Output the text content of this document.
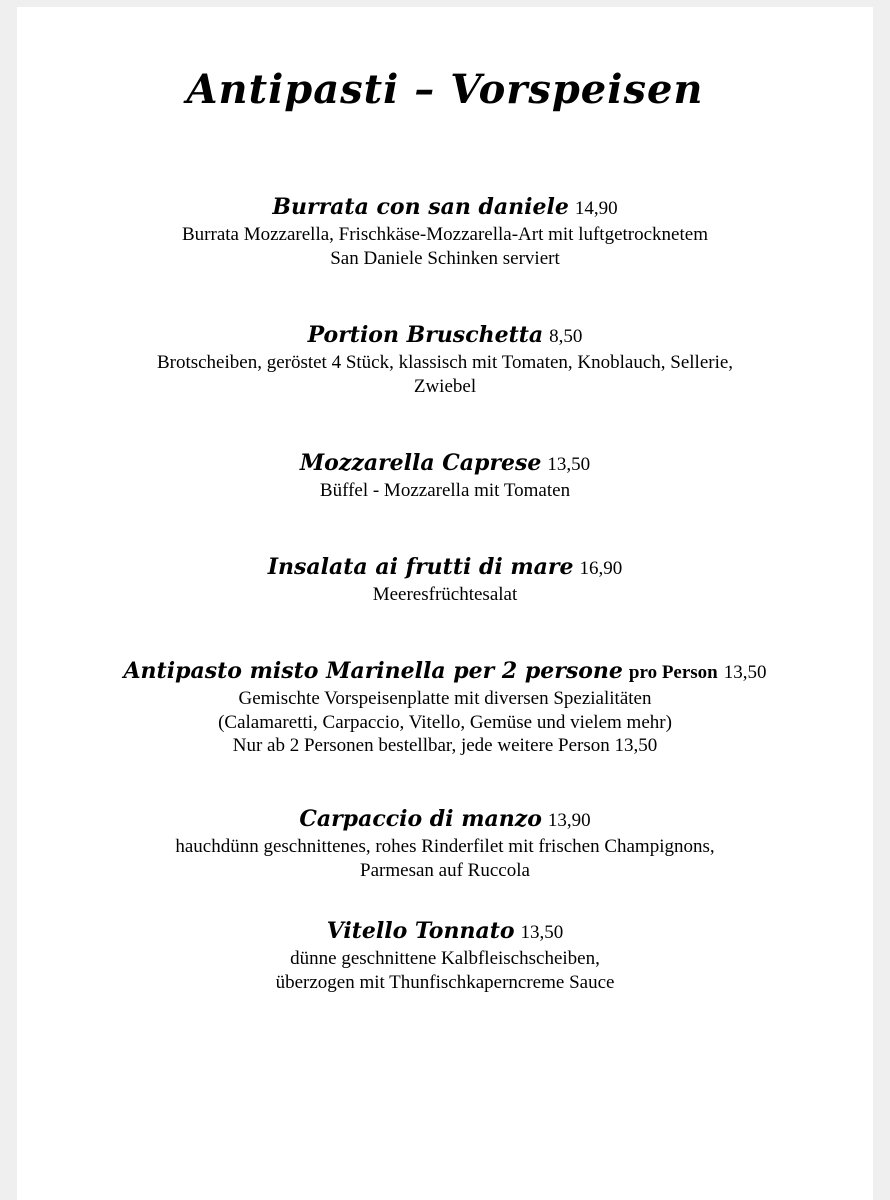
Antipasti – Vorspeisen

Burrata con san daniele 14,90

Burrata Mozzarella, Frischkäse-Mozzarella-Art mit luftgetrocknetem
San Daniele Schinken serviert

Portion Bruschetta 8,50

Brotscheiben, geröstet 4 Stück, klassisch mit Tomaten, Knoblauch, Sellerie,
Zwiebel

Mozzarella Caprese 13,50

Büffel - Mozzarella mit Tomaten

Insalata ai frutti di mare 16,90

Meeresfrüchtesalat

Antipasto misto Marinella per 2 persone pro Person 13,50

Gemischte Vorspeisenplatte mit diversen Spezialitäten
(Calamaretti, Carpaccio, Vitello, Gemüse und vielem mehr)
Nur ab 2 Personen bestellbar, jede weitere Person 13,50

Carpaccio di manzo 13,90

hauchdünn geschnittenes, rohes Rinderfilet mit frischen Champignons,
Parmesan auf Ruccola

Vitello Tonnato 13,50

dünne geschnittene Kalbfleischscheiben,
überzogen mit Thunfischkaperncreme Sauce
